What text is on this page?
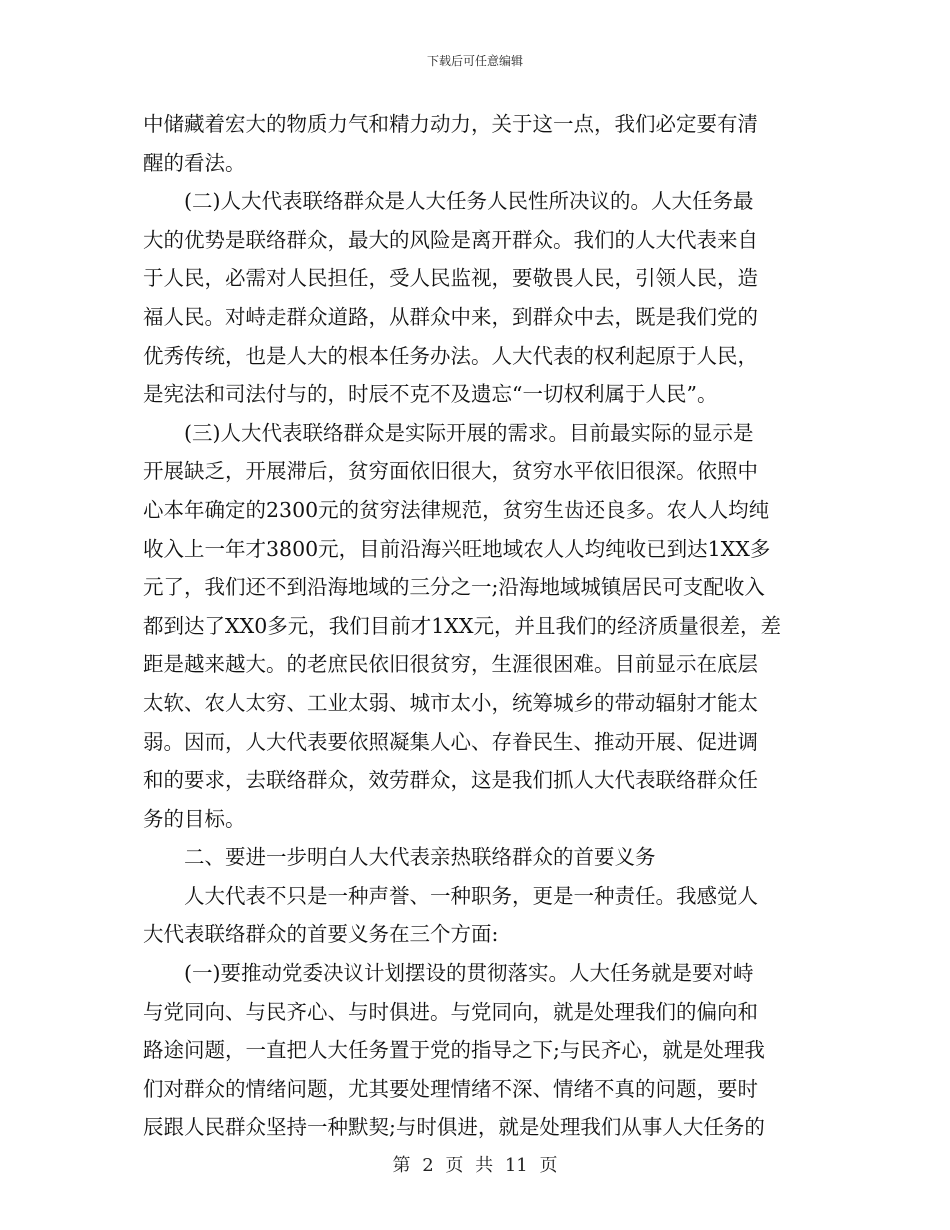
下载后可任意编辑
中储藏着宏大的物质力气和精力动力，关于这一点，我们必定要有清
醒的看法。
(二)人大代表联络群众是人大任务人民性所决议的。人大任务最
大的优势是联络群众，最大的风险是离开群众。我们的人大代表来自
于人民，必需对人民担任，受人民监视，要敬畏人民，引领人民，造
福人民。对峙走群众道路，从群众中来，到群众中去，既是我们党的
优秀传统，也是人大的根本任务办法。人大代表的权利起原于人民，
是宪法和司法付与的，时辰不克不及遗忘“一切权利属于人民”。
(三)人大代表联络群众是实际开展的需求。目前最实际的显示是
开展缺乏，开展滞后，贫穷面依旧很大，贫穷水平依旧很深。依照中
心本年确定的2300元的贫穷法律规范，贫穷生齿还良多。农人人均纯
收入上一年才3800元，目前沿海兴旺地域农人人均纯收已到达1XX多
元了，我们还不到沿海地域的三分之一;沿海地域城镇居民可支配收入
都到达了XX0多元，我们目前才1XX元，并且我们的经济质量很差，差
距是越来越大。的老庶民依旧很贫穷，生涯很困难。目前显示在底层
太软、农人太穷、工业太弱、城市太小，统筹城乡的带动辐射才能太
弱。因而，人大代表要依照凝集人心、存眷民生、推动开展、促进调
和的要求，去联络群众，效劳群众，这是我们抓人大代表联络群众任
务的目标。
二、要进一步明白人大代表亲热联络群众的首要义务
人大代表不只是一种声誉、一种职务，更是一种责任。我感觉人
大代表联络群众的首要义务在三个方面:
(一)要推动党委决议计划摆设的贯彻落实。人大任务就是要对峙
与党同向、与民齐心、与时俱进。与党同向，就是处理我们的偏向和
路途问题，一直把人大任务置于党的指导之下;与民齐心，就是处理我
们对群众的情绪问题，尤其要处理情绪不深、情绪不真的问题，要时
辰跟人民群众坚持一种默契;与时俱进，就是处理我们从事人大任务的
第 2 页 共 11 页
